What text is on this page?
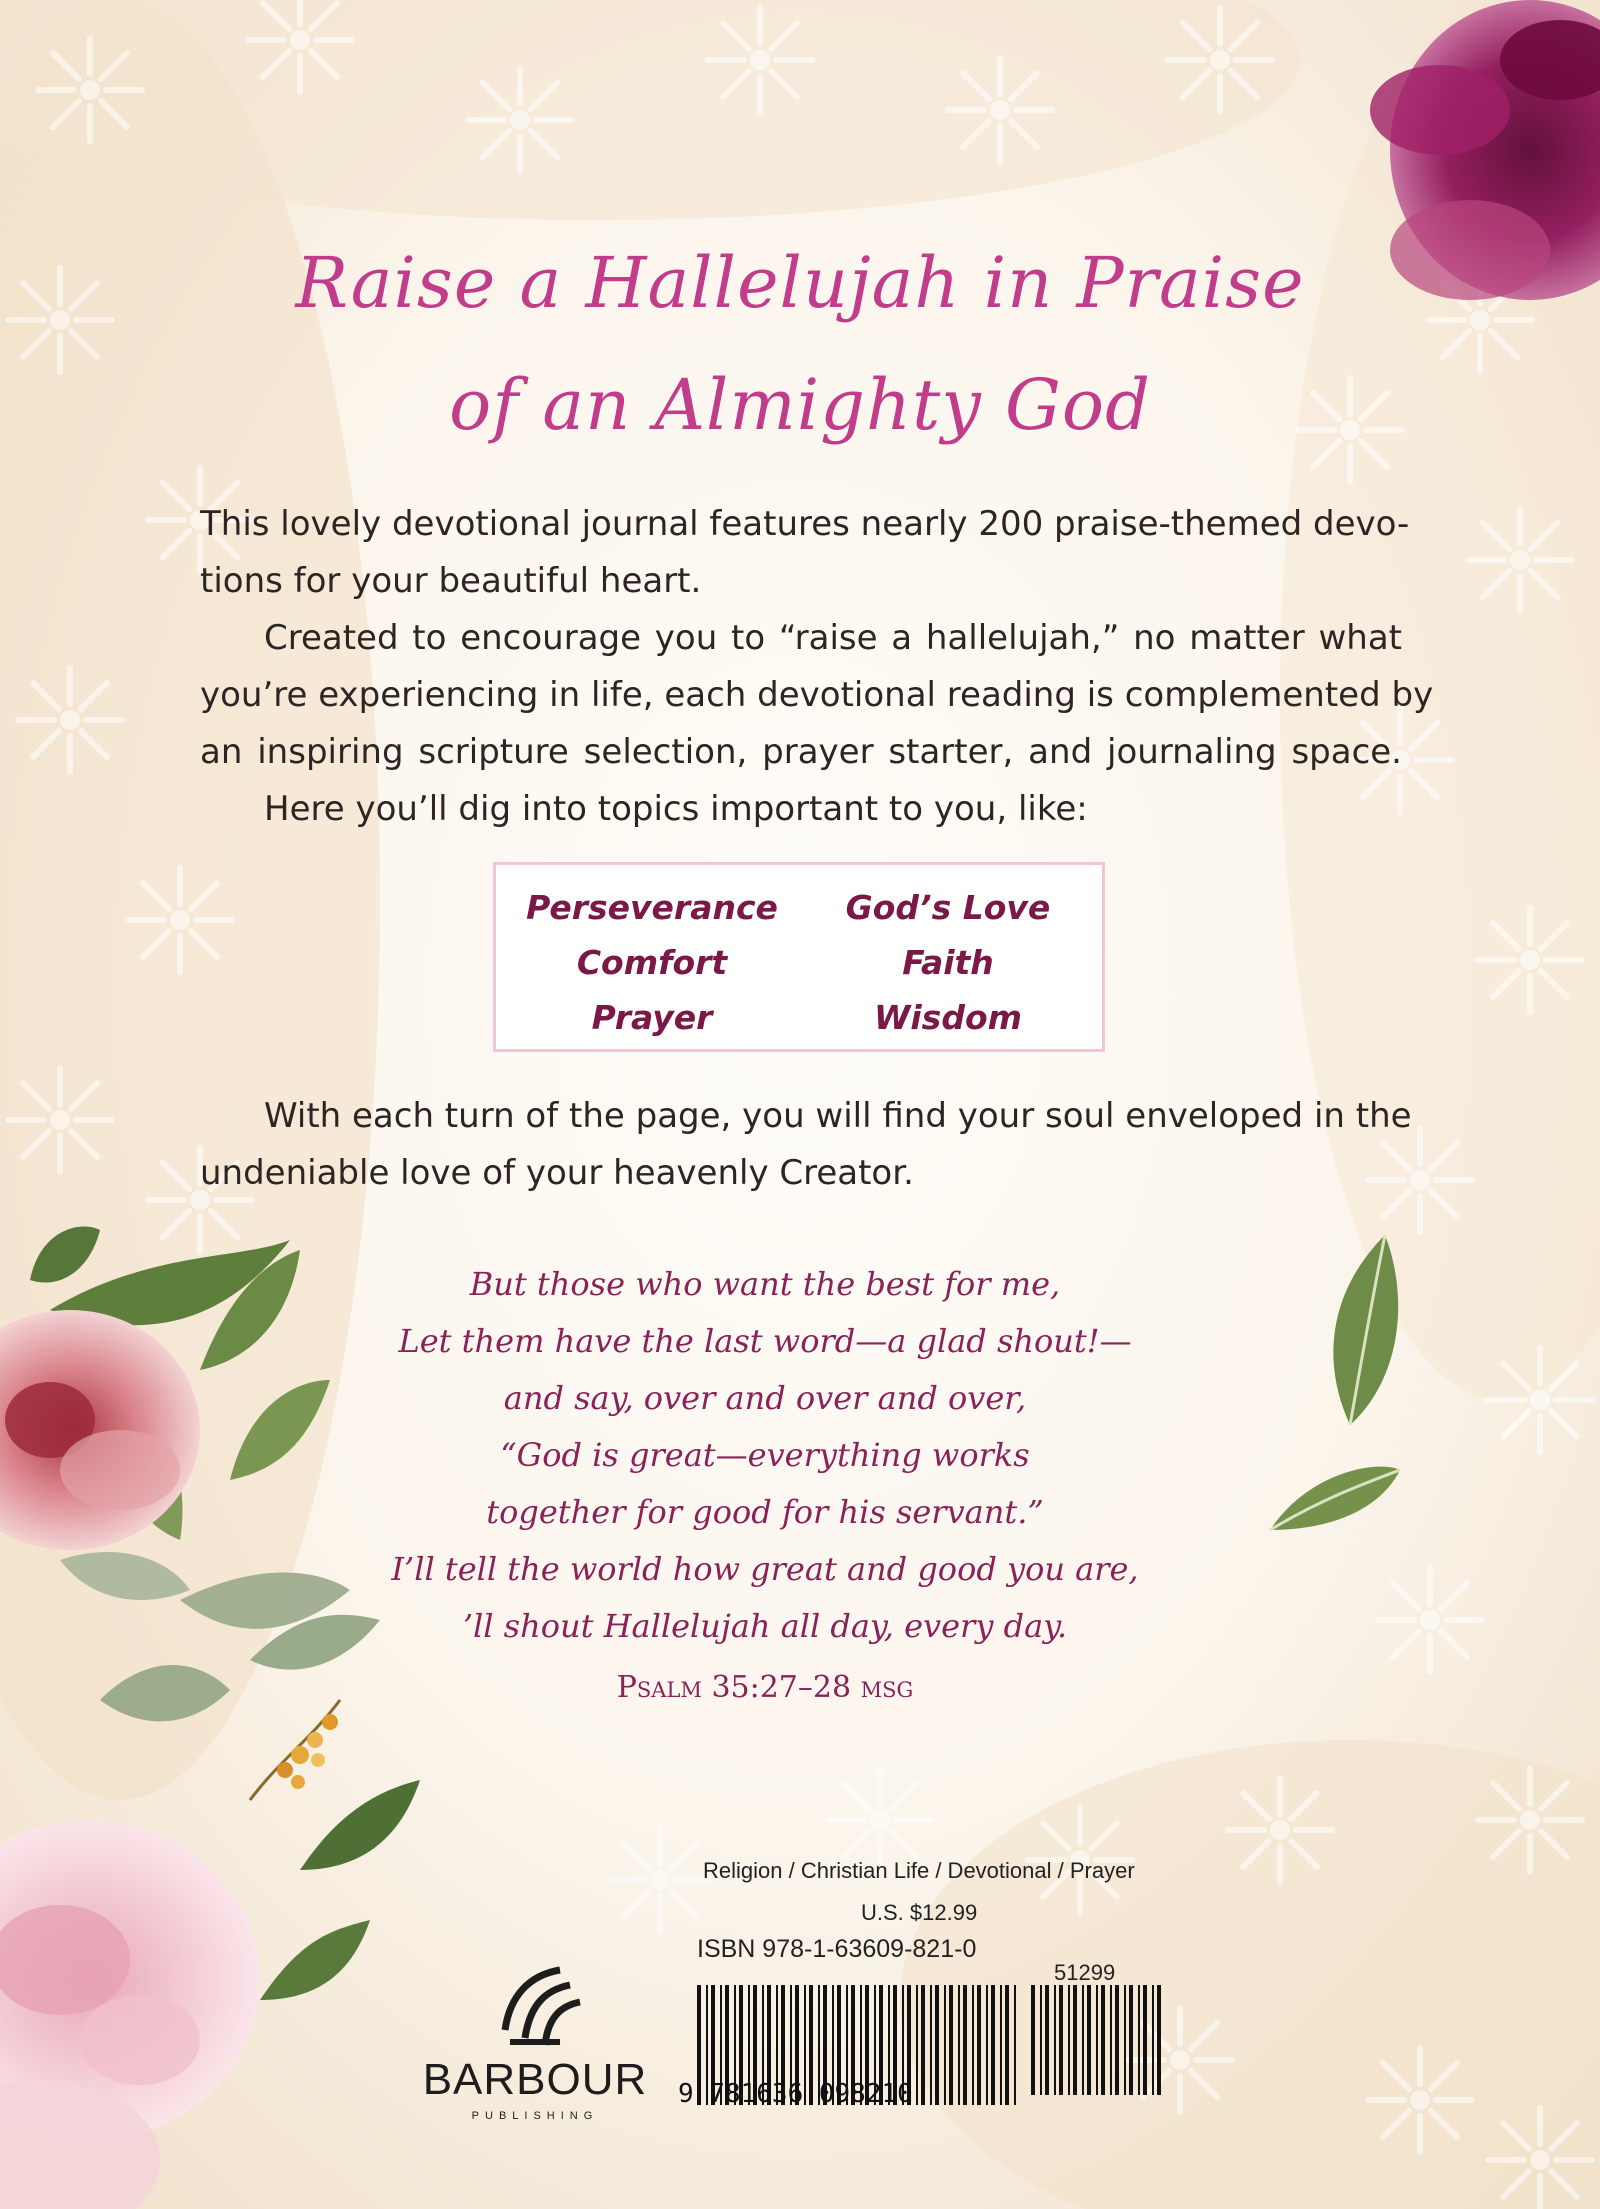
Raise a Hallelujah in Praise
of an Almighty God
This lovely devotional journal features nearly 200 praise-themed devo-
tions for your beautiful heart.
Created to encourage you to “raise a hallelujah,” no matter what
you’re experiencing in life, each devotional reading is complemented by
an inspiring scripture selection, prayer starter, and journaling space.
Here you’ll dig into topics important to you, like:
Perseverance
Comfort
Prayer
God’s Love
Faith
Wisdom
With each turn of the page, you will find your soul enveloped in the
undeniable love of your heavenly Creator.
But those who want the best for me,
Let them have the last word—a glad shout!—
and say, over and over and over,
“God is great—everything works
together for good for his servant.”
I’ll tell the world how great and good you are,
’ll shout Hallelujah all day, every day.
Psalm 35:27–28 msg
Religion / Christian Life / Devotional / Prayer
U.S. $12.99
ISBN 978-1-63609-821-0
51299
9 781636 098210
BARBOUR
PUBLISHING
